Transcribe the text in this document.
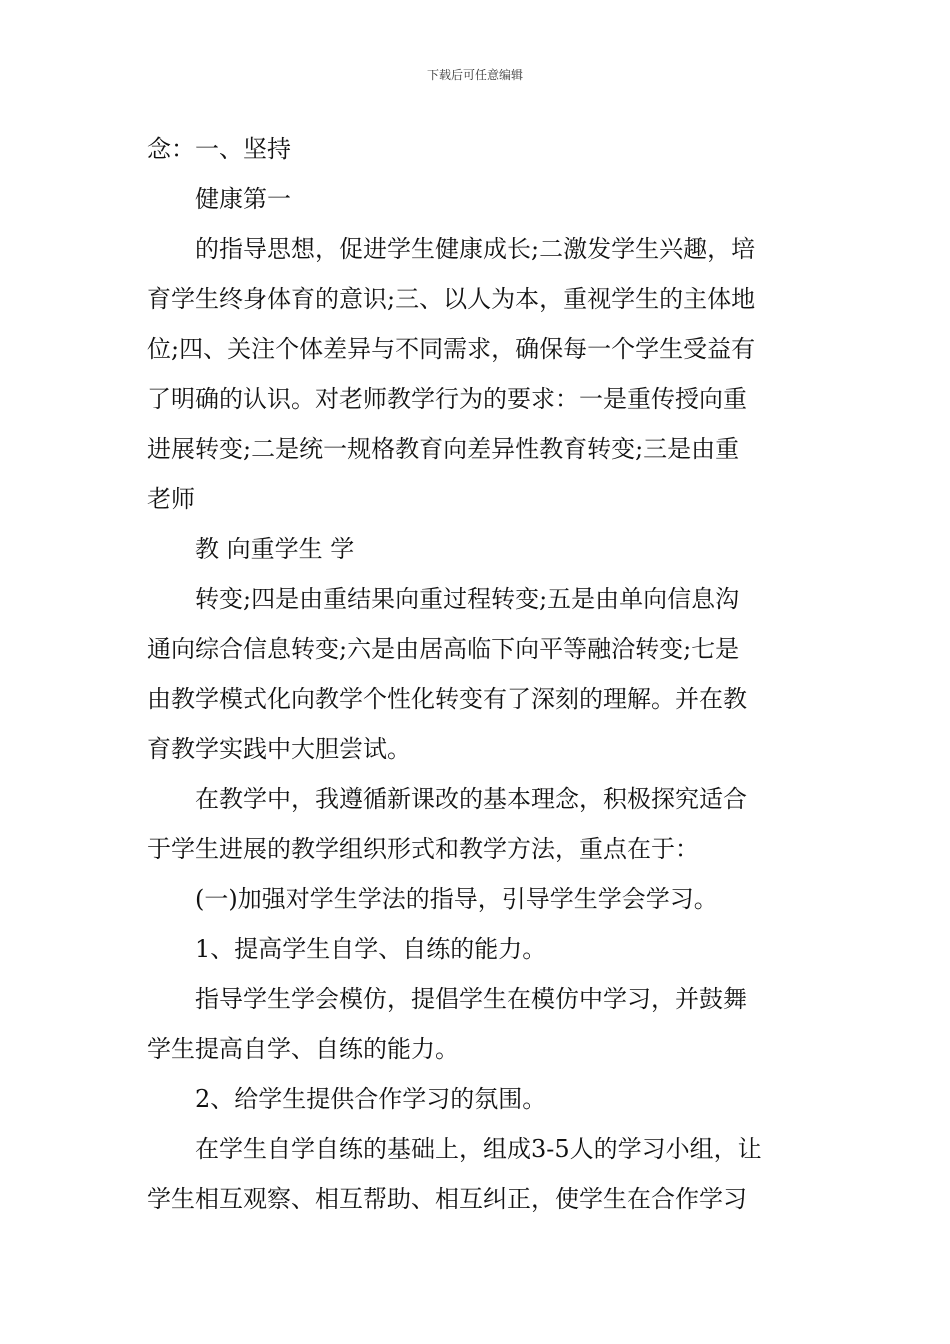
下载后可任意编辑
念：一、坚持
健康第一
的指导思想，促进学生健康成长;二激发学生兴趣，培
育学生终身体育的意识;三、以人为本，重视学生的主体地
位;四、关注个体差异与不同需求，确保每一个学生受益有
了明确的认识。对老师教学行为的要求：一是重传授向重
进展转变;二是统一规格教育向差异性教育转变;三是由重
老师
教 向重学生 学
转变;四是由重结果向重过程转变;五是由单向信息沟
通向综合信息转变;六是由居高临下向平等融洽转变;七是
由教学模式化向教学个性化转变有了深刻的理解。并在教
育教学实践中大胆尝试。
在教学中，我遵循新课改的基本理念，积极探究适合
于学生进展的教学组织形式和教学方法，重点在于：
(一)加强对学生学法的指导，引导学生学会学习。
1、提高学生自学、自练的能力。
指导学生学会模仿，提倡学生在模仿中学习，并鼓舞
学生提高自学、自练的能力。
2、给学生提供合作学习的氛围。
在学生自学自练的基础上，组成3-5人的学习小组，让
学生相互观察、相互帮助、相互纠正，使学生在合作学习
